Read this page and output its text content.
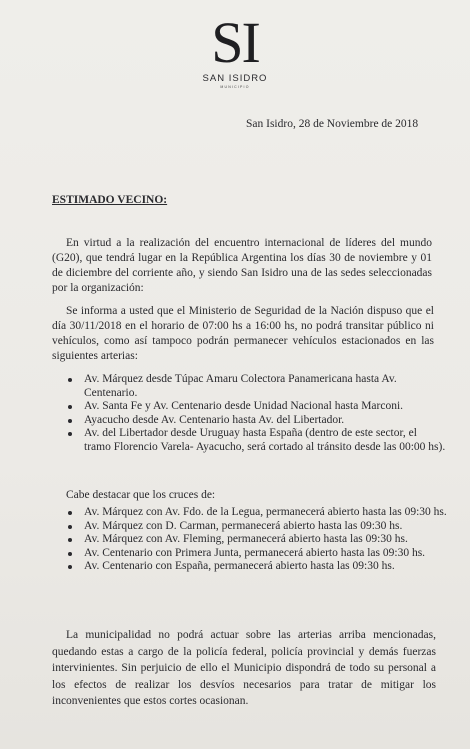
SI
SAN ISIDRO
MUNICIPIO
San Isidro, 28 de Noviembre de 2018
ESTIMADO VECINO:
En virtud a la realización del encuentro internacional de líderes del mundo (G20), que tendrá lugar en la República Argentina los días 30 de noviembre y 01 de diciembre del corriente año, y siendo San Isidro una de las sedes seleccionadas por la organización:
Se informa a usted que el Ministerio de Seguridad de la Nación dispuso que el día 30/11/2018 en el horario de 07:00 hs a 16:00 hs, no podrá transitar público ni vehículos, como así tampoco podrán permanecer vehículos estacionados en las siguientes arterias:
Av. Márquez desde Túpac Amaru Colectora Panamericana hasta Av. Centenario.
Av. Santa Fe y Av. Centenario desde Unidad Nacional hasta Marconi.
Ayacucho desde Av. Centenario hasta Av. del Libertador.
Av. del Libertador desde Uruguay hasta España (dentro de este sector, el tramo Florencio Varela- Ayacucho, será cortado al tránsito desde las 00:00 hs).
Cabe destacar que los cruces de:
Av. Márquez con Av. Fdo. de la Legua, permanecerá abierto hasta las 09:30 hs.
Av. Márquez con D. Carman, permanecerá abierto hasta las 09:30 hs.
Av. Márquez con Av. Fleming, permanecerá abierto hasta las 09:30 hs.
Av. Centenario con Primera Junta, permanecerá abierto hasta las 09:30 hs.
Av. Centenario con España, permanecerá abierto hasta las 09:30 hs.
La municipalidad no podrá actuar sobre las arterias arriba mencionadas, quedando estas a cargo de la policía federal, policía provincial y demás fuerzas intervinientes. Sin perjuicio de ello el Municipio dispondrá de todo su personal a los efectos de realizar los desvíos necesarios para tratar de mitigar los inconvenientes que estos cortes ocasionan.
